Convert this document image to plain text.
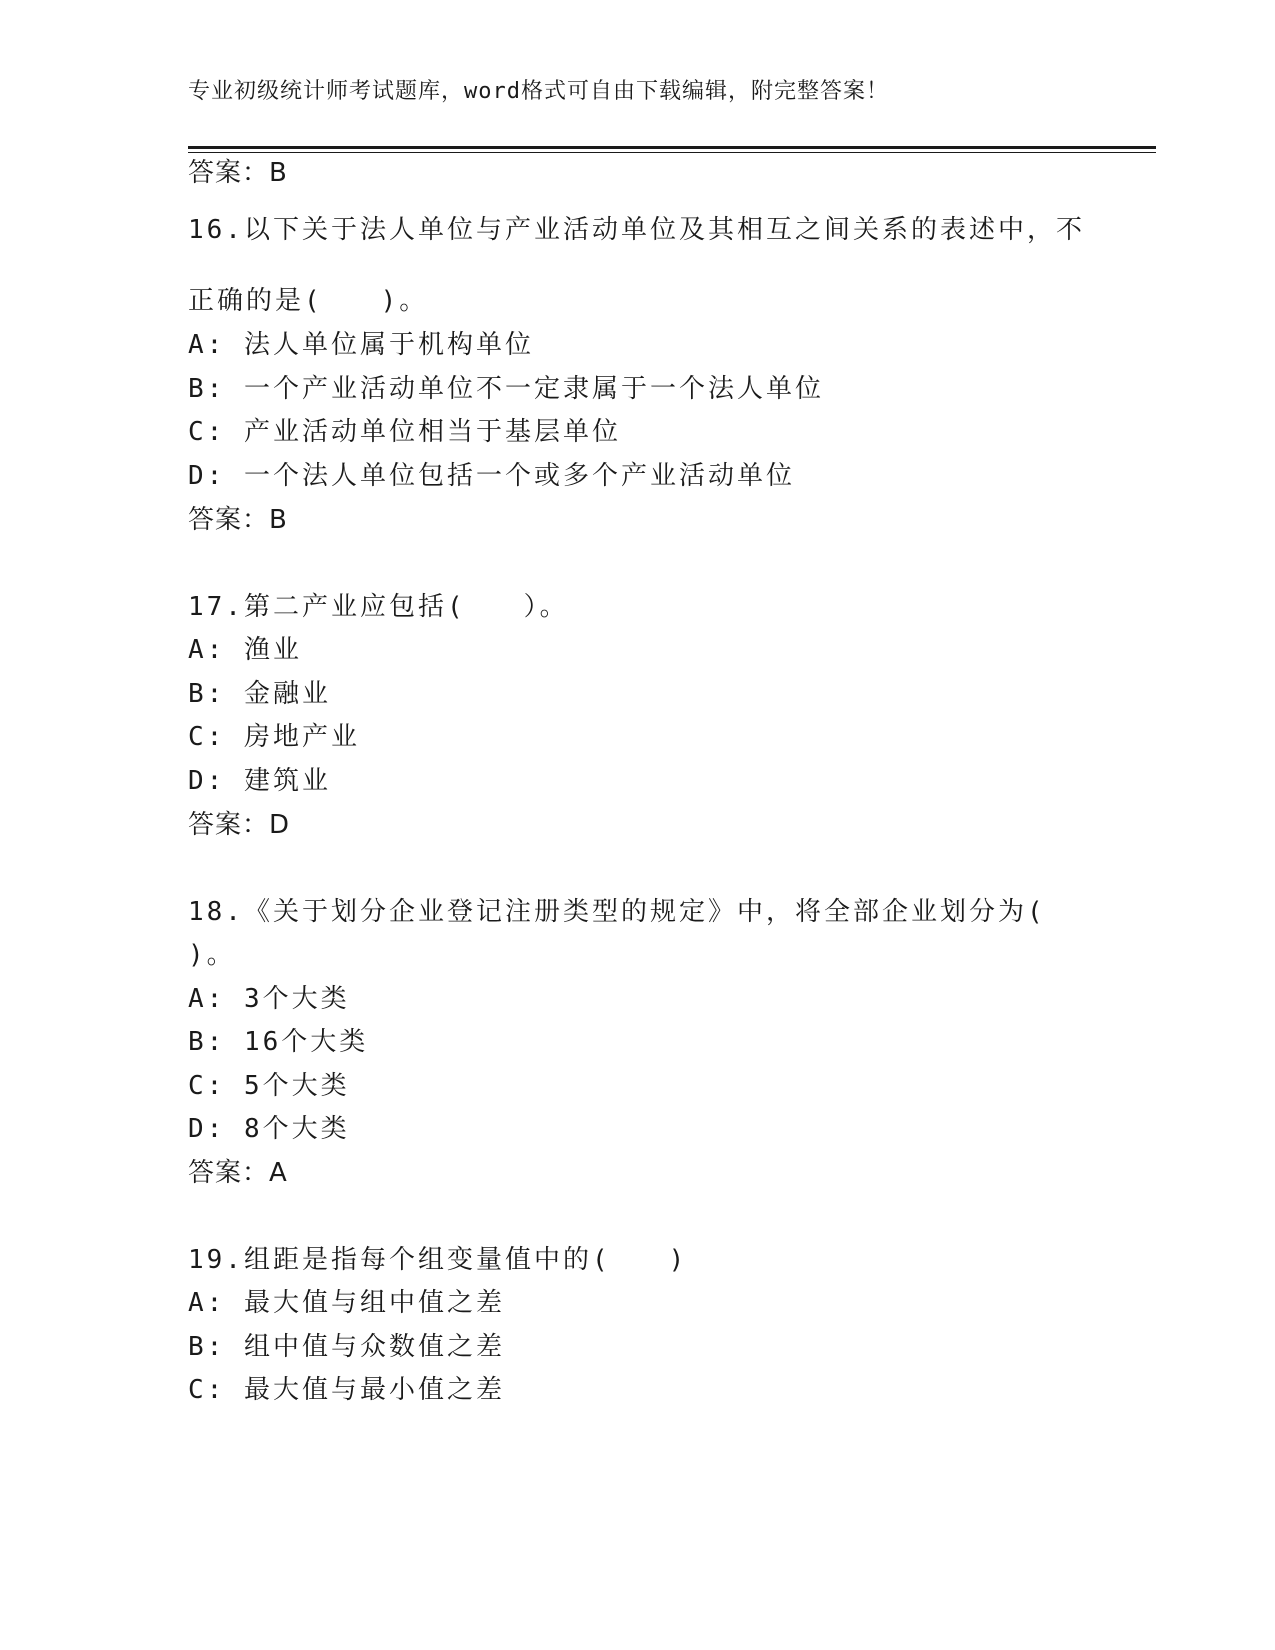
专业初级统计师考试题库，word格式可自由下载编辑，附完整答案！
答案：B
16.以下关于法人单位与产业活动单位及其相互之间关系的表述中，不
正确的是(　　)。
A: 法人单位属于机构单位
B: 一个产业活动单位不一定隶属于一个法人单位
C: 产业活动单位相当于基层单位
D: 一个法人单位包括一个或多个产业活动单位
答案：B
17.第二产业应包括(　　）。
A: 渔业
B: 金融业
C: 房地产业
D: 建筑业
答案：D
18.《关于划分企业登记注册类型的规定》中，将全部企业划分为(
)。
A: 3个大类
B: 16个大类
C: 5个大类
D: 8个大类
答案：A
19.组距是指每个组变量值中的(　　)
A: 最大值与组中值之差
B: 组中值与众数值之差
C: 最大值与最小值之差
